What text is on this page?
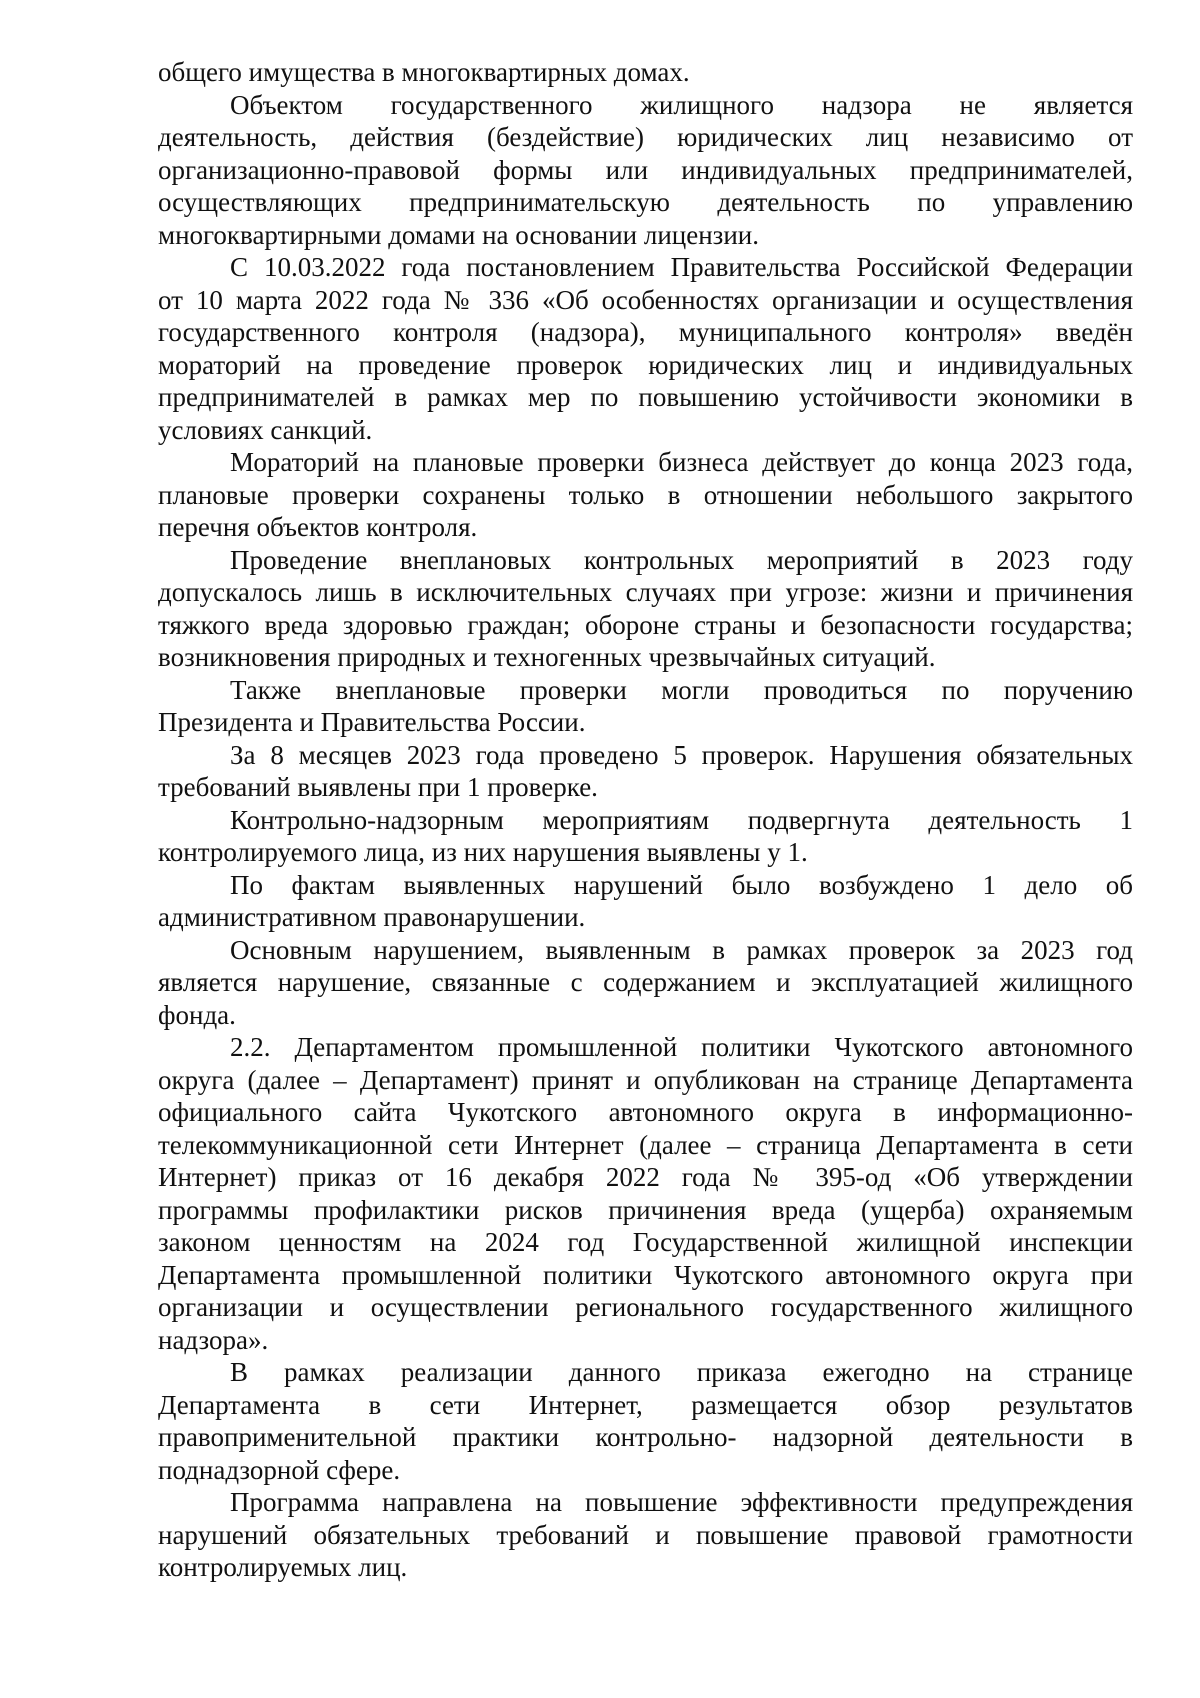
общего имущества в многоквартирных домах.
Объектом государственного жилищного надзора не является
деятельность, действия (бездействие) юридических лиц независимо от
организационно-правовой формы или индивидуальных предпринимателей,
осуществляющих предпринимательскую деятельность по управлению
многоквартирными домами на основании лицензии.
С 10.03.2022 года постановлением Правительства Российской Федерации
от 10 марта 2022 года № 336 «Об особенностях организации и осуществления
государственного контроля (надзора), муниципального контроля» введён
мораторий на проведение проверок юридических лиц и индивидуальных
предпринимателей в рамках мер по повышению устойчивости экономики в
условиях санкций.
Мораторий на плановые проверки бизнеса действует до конца 2023 года,
плановые проверки сохранены только в отношении небольшого закрытого
перечня объектов контроля.
Проведение внеплановых контрольных мероприятий в 2023 году
допускалось лишь в исключительных случаях при угрозе: жизни и причинения
тяжкого вреда здоровью граждан; обороне страны и безопасности государства;
возникновения природных и техногенных чрезвычайных ситуаций.
Также внеплановые проверки могли проводиться по поручению
Президента и Правительства России.
За 8 месяцев 2023 года проведено 5 проверок. Нарушения обязательных
требований выявлены при 1 проверке.
Контрольно-надзорным мероприятиям подвергнута деятельность 1
контролируемого лица, из них нарушения выявлены у 1.
По фактам выявленных нарушений было возбуждено 1 дело об
административном правонарушении.
Основным нарушением, выявленным в рамках проверок за 2023 год
является нарушение, связанные с содержанием и эксплуатацией жилищного
фонда.
2.2. Департаментом промышленной политики Чукотского автономного
округа (далее – Департамент) принят и опубликован на странице Департамента
официального сайта Чукотского автономного округа в информационно-
телекоммуникационной сети Интернет (далее – страница Департамента в сети
Интернет) приказ от 16 декабря 2022 года № 395-од «Об утверждении
программы профилактики рисков причинения вреда (ущерба) охраняемым
законом ценностям на 2024 год Государственной жилищной инспекции
Департамента промышленной политики Чукотского автономного округа при
организации и осуществлении регионального государственного жилищного
надзора».
В рамках реализации данного приказа ежегодно на странице
Департамента в сети Интернет, размещается обзор результатов
правоприменительной практики контрольно- надзорной деятельности в
поднадзорной сфере.
Программа направлена на повышение эффективности предупреждения
нарушений обязательных требований и повышение правовой грамотности
контролируемых лиц.
